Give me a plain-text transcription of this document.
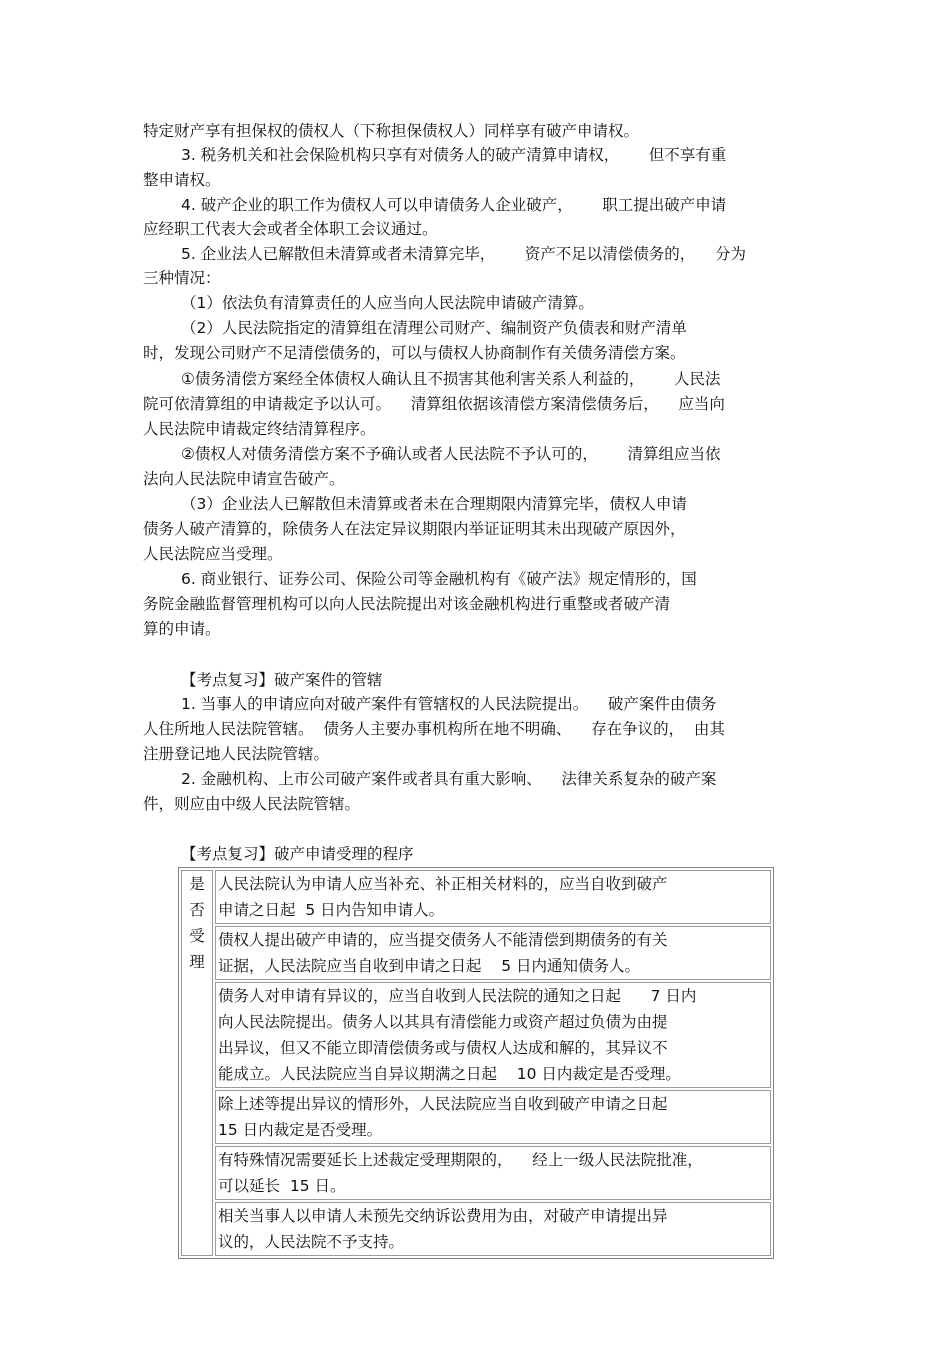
特定财产享有担保权的债权人（下称担保债权人）同样享有破产申请权。
3. 税务机关和社会保险机构只享有对债务人的破产清算申请权，      但不享有重
整申请权。
4. 破产企业的职工作为债权人可以申请债务人企业破产，      职工提出破产申请
应经职工代表大会或者全体职工会议通过。
5. 企业法人已解散但未清算或者未清算完毕，      资产不足以清偿债务的，    分为
三种情况：
（1）依法负有清算责任的人应当向人民法院申请破产清算。
（2）人民法院指定的清算组在清理公司财产、编制资产负债表和财产清单
时，发现公司财产不足清偿债务的，可以与债权人协商制作有关债务清偿方案。
①债务清偿方案经全体债权人确认且不损害其他利害关系人利益的，      人民法
院可依清算组的申请裁定予以认可。    清算组依据该清偿方案清偿债务后，    应当向
人民法院申请裁定终结清算程序。
②债权人对债务清偿方案不予确认或者人民法院不予认可的，      清算组应当依
法向人民法院申请宣告破产。
（3）企业法人已解散但未清算或者未在合理期限内清算完毕，债权人申请
债务人破产清算的，除债务人在法定异议期限内举证证明其未出现破产原因外，
人民法院应当受理。
6. 商业银行、证券公司、保险公司等金融机构有《破产法》规定情形的，国
务院金融监督管理机构可以向人民法院提出对该金融机构进行重整或者破产清
算的申请。
【考点复习】破产案件的管辖
1. 当事人的申请应向对破产案件有管辖权的人民法院提出。    破产案件由债务
人住所地人民法院管辖。  债务人主要办事机构所在地不明确、    存在争议的，  由其
注册登记地人民法院管辖。
2. 金融机构、上市公司破产案件或者具有重大影响、    法律关系复杂的破产案
件，则应由中级人民法院管辖。
【考点复习】破产申请受理的程序
是
否
受
理

人民法院认为申请人应当补充、补正相关材料的，应当自收到破产
申请之日起  5 日内告知申请人。

债权人提出破产申请的，应当提交债务人不能清偿到期债务的有关
证据，人民法院应当自收到申请之日起    5 日内通知债务人。

债务人对申请有异议的，应当自收到人民法院的通知之日起      7 日内
向人民法院提出。债务人以其具有清偿能力或资产超过负债为由提
出异议，但又不能立即清偿债务或与债权人达成和解的，其异议不
能成立。人民法院应当自异议期满之日起    10 日内裁定是否受理。

除上述等提出异议的情形外，人民法院应当自收到破产申请之日起
15 日内裁定是否受理。

有特殊情况需要延长上述裁定受理期限的，    经上一级人民法院批准，
可以延长  15 日。

相关当事人以申请人未预先交纳诉讼费用为由，对破产申请提出异
议的，人民法院不予支持。
